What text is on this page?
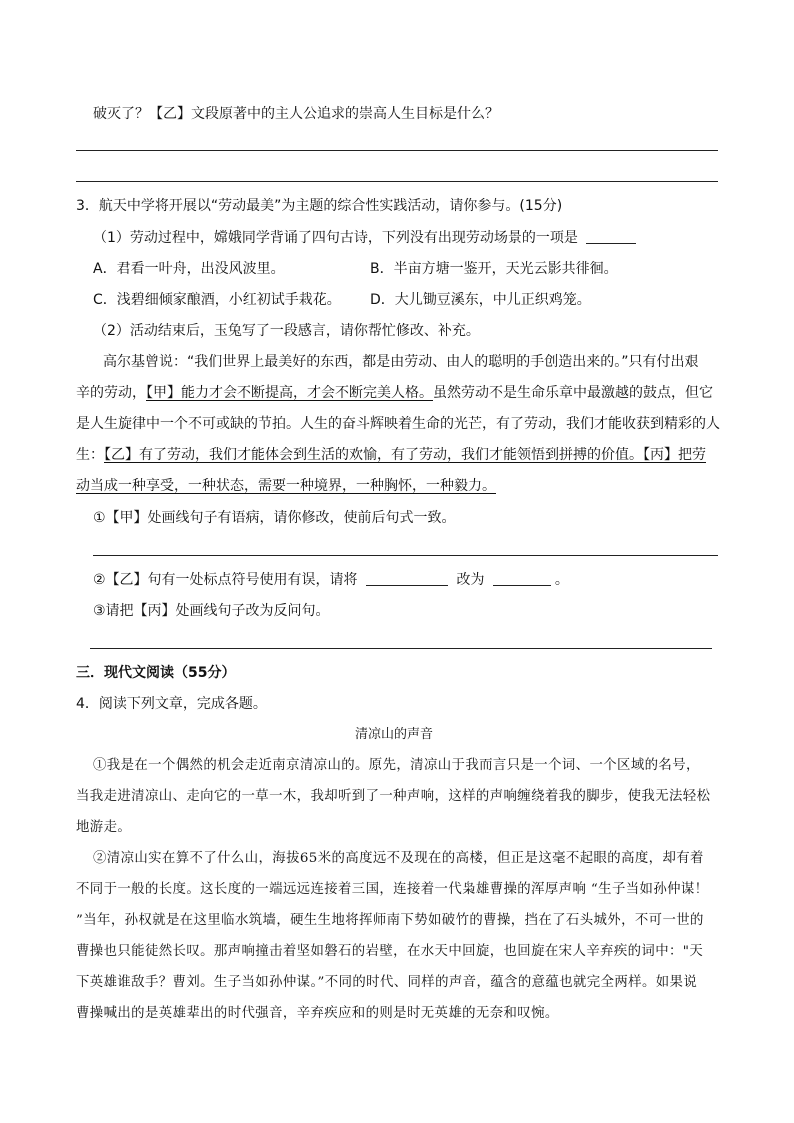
破灭了？【乙】文段原著中的主人公追求的崇高人生目标是什么？
3．航天中学将开展以“劳动最美”为主题的综合性实践活动，请你参与。(15分)
（1）劳动过程中，嫦娥同学背诵了四句古诗，下列没有出现劳动场景的一项是
A．君看一叶舟，出没风波里。	B．半亩方塘一鉴开，天光云影共徘徊。
C．浅碧细倾家酿酒，小红初试手栽花。 D．大儿锄豆溪东，中儿正织鸡笼。
（2）活动结束后，玉兔写了一段感言，请你帮忙修改、补充。
高尔基曾说：“我们世界上最美好的东西，都是由劳动、由人的聪明的手创造出来的。”只有付出艰
辛的劳动，【甲】能力才会不断提高，才会不断完美人格。虽然劳动不是生命乐章中最激越的鼓点，但它
是人生旋律中一个不可或缺的节拍。人生的奋斗辉映着生命的光芒，有了劳动，我们才能收获到精彩的人
生：【乙】有了劳动，我们才能体会到生活的欢愉，有了劳动，我们才能领悟到拼搏的价值。【丙】把劳
动当成一种享受，一种状态，需要一种境界，一种胸怀，一种毅力。
①【甲】处画线句子有语病，请你修改，使前后句式一致。
②【乙】句有一处标点符号使用有误，请将	改为	。
③请把【丙】处画线句子改为反问句。
三．现代文阅读（55分）
4．阅读下列文章，完成各题。
清凉山的声音
①我是在一个偶然的机会走近南京清凉山的。原先，清凉山于我而言只是一个词、一个区域的名号，
当我走进清凉山、走向它的一草一木，我却听到了一种声响，这样的声响缠绕着我的脚步，使我无法轻松
地游走。
②清凉山实在算不了什么山，海拔65米的高度远不及现在的高楼，但正是这毫不起眼的高度，却有着
不同于一般的长度。这长度的一端远远连接着三国，连接着一代枭雄曹操的浑厚声响 “生子当如孙仲谋！
”当年，孙权就是在这里临水筑墙，硬生生地将挥师南下势如破竹的曹操，挡在了石头城外，不可一世的
曹操也只能徒然长叹。那声响撞击着坚如磐石的岩壁，在水天中回旋，也回旋在宋人辛弃疾的词中："天
下英雄谁敌手？曹刘。生子当如孙仲谋。”不同的时代、同样的声音，蕴含的意蕴也就完全两样。如果说
曹操喊出的是英雄辈出的时代强音，辛弃疾应和的则是时无英雄的无奈和叹惋。
